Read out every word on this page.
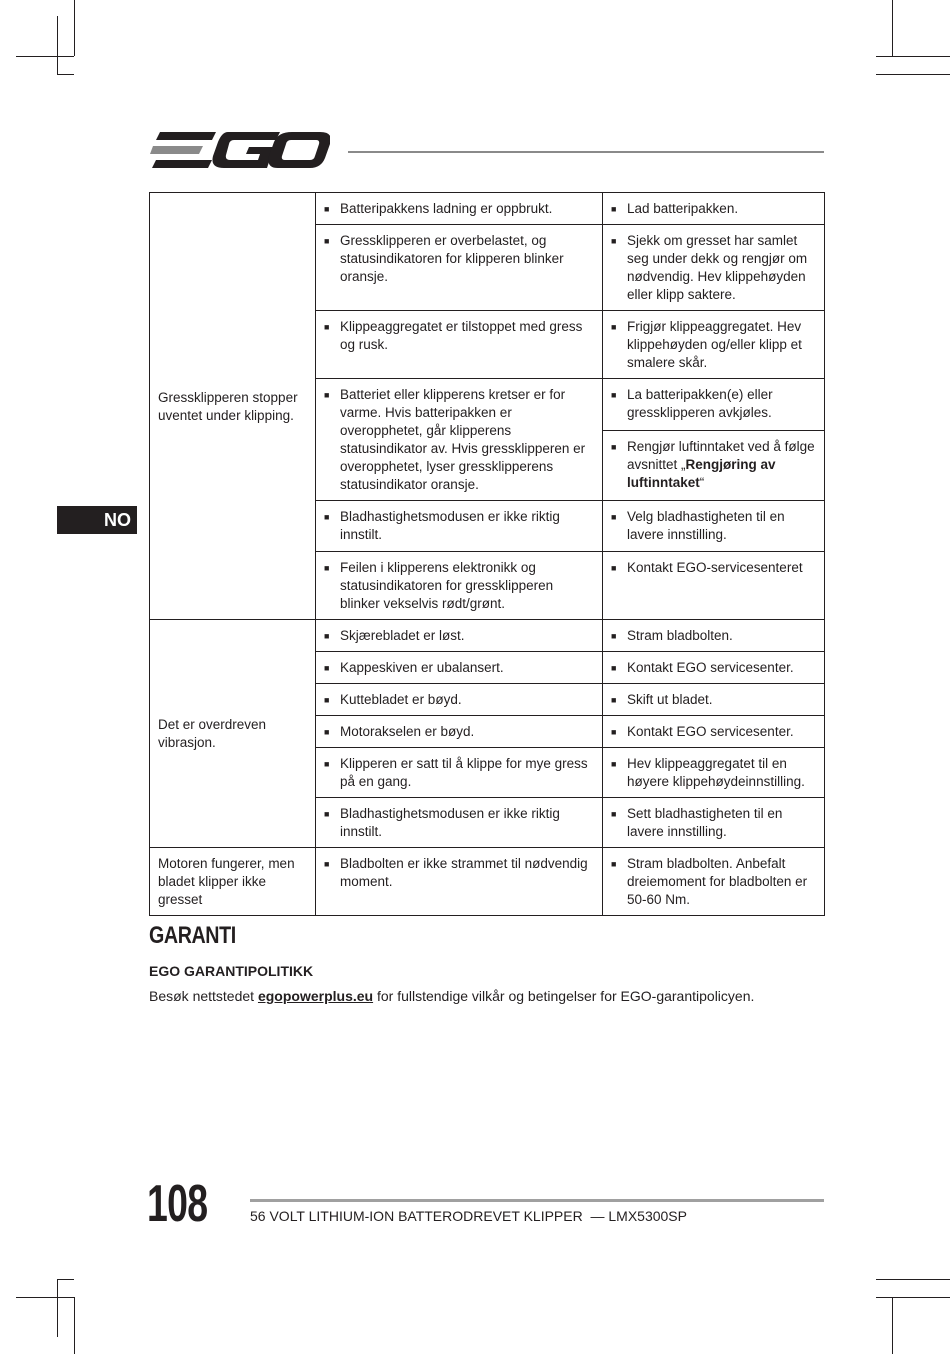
NO
Gressklipperen stopper uventet under klipping.	■ Batteripakkens ladning er oppbrukt.	■ Lad batteripakken.

	■ Gressklipperen er overbelastet, og statusindikatoren for klipperen blinker oransje.	■ Sjekk om gresset har samlet seg under dekk og rengjør om nødvendig. Hev klippehøyden eller klipp saktere.

	■ Klippeaggregatet er tilstoppet med gress og rusk.	■ Frigjør klippeaggregatet. Hev klippehøyden og/eller klipp et smalere skår.

	■ Batteriet eller klipperens kretser er for varme. Hvis batteripakken er overopphetet, går klipperens statusindikator av. Hvis gressklipperen er overopphetet, lyser gressklipperens statusindikator oransje.	■ La batteripakken(e) eller gressklipperen avkjøles.

		■ Rengjør luftinntaket ved å følge avsnittet „Rengjøring av luftinntaket“

	■ Bladhastighetsmodusen er ikke riktig innstilt.	■ Velg bladhastigheten til en lavere innstilling.

	■ Feilen i klipperens elektronikk og statusindikatoren for gressklipperen blinker vekselvis rødt/grønt.	■ Kontakt EGO-servicesenteret

Det er overdreven vibrasjon.	■ Skjærebladet er løst.	■ Stram bladbolten.

	■ Kappeskiven er ubalansert.	■ Kontakt EGO servicesenter.

	■ Kuttebladet er bøyd.	■ Skift ut bladet.

	■ Motorakselen er bøyd.	■ Kontakt EGO servicesenter.

	■ Klipperen er satt til å klippe for mye gress på en gang.	■ Hev klippeaggregatet til en høyere klippehøydeinnstilling.

	■ Bladhastighetsmodusen er ikke riktig innstilt.	■ Sett bladhastigheten til en lavere innstilling.

Motoren fungerer, men bladet klipper ikke gresset	■ Bladbolten er ikke strammet til nødvendig moment.	■ Stram bladbolten. Anbefalt dreiemoment for bladbolten er 50-60 Nm.
GARANTI
EGO GARANTIPOLITIKK
Besøk nettstedet egopowerplus.eu for fullstendige vilkår og betingelser for EGO-garantipolicyen.
108	56 VOLT LITHIUM-ION BATTERODREVET KLIPPER  — LMX5300SP
